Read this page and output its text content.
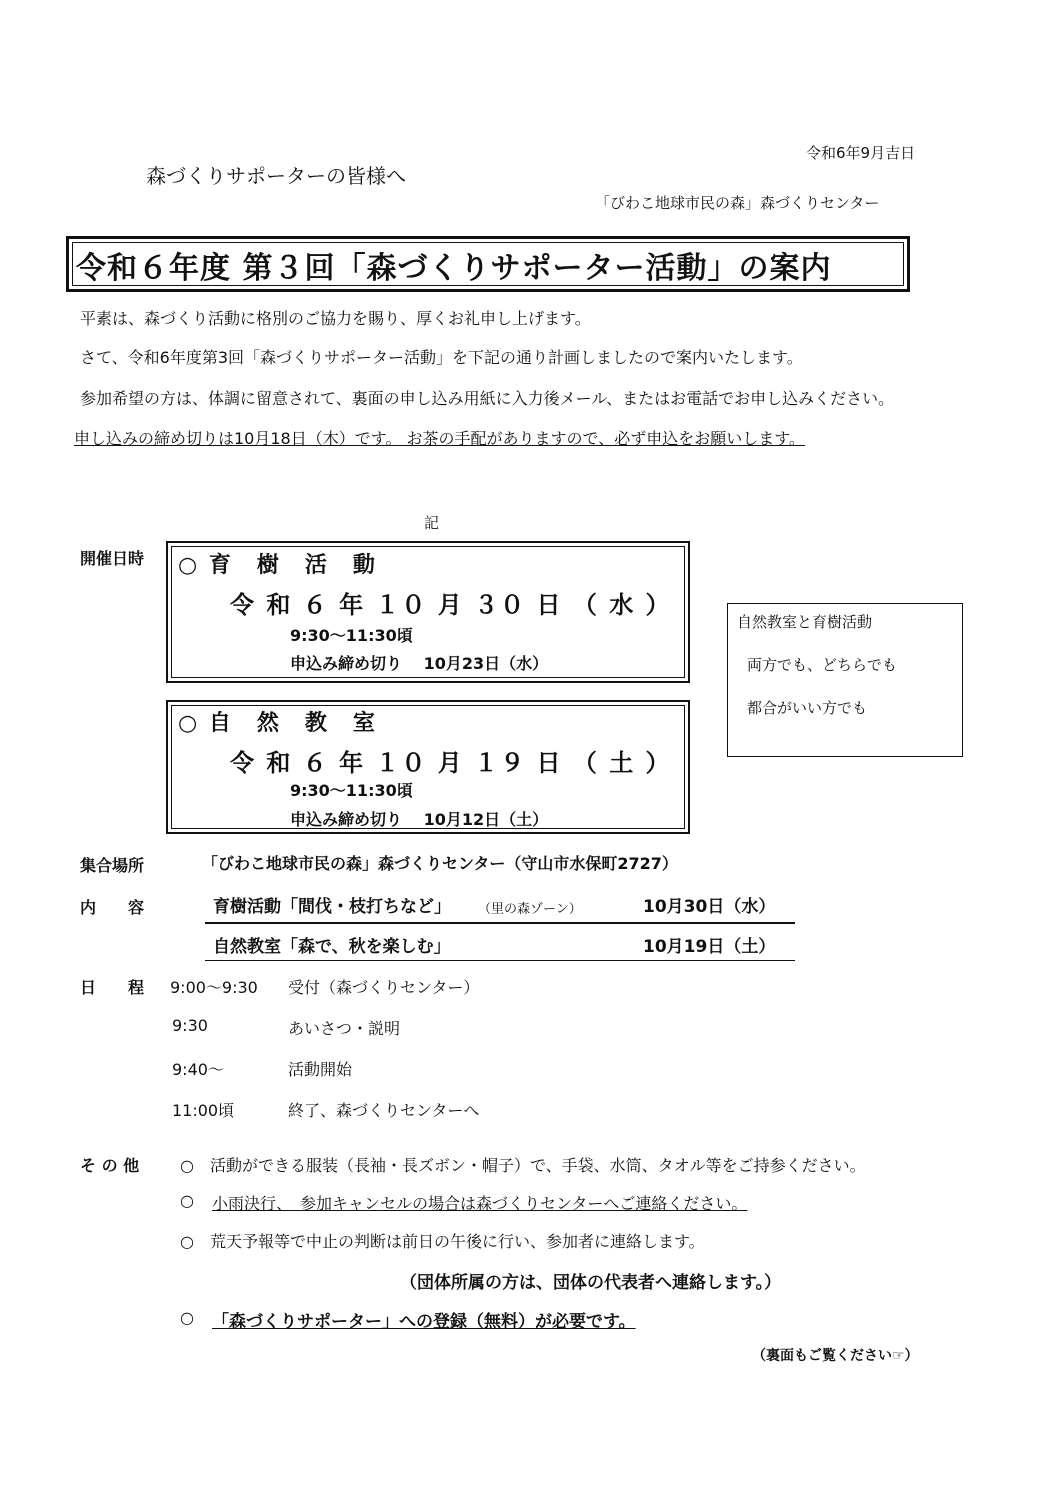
令和6年9月吉日
森づくりサポーターの皆様へ
「びわこ地球市民の森」森づくりセンター
令和６年度 第３回「森づくりサポーター活動」の案内
平素は、森づくり活動に格別のご協力を賜り、厚くお礼申し上げます。
さて、令和6年度第3回「森づくりサポーター活動」を下記の通り計画しましたので案内いたします。
参加希望の方は、体調に留意されて、裏面の申し込み用紙に入力後メール、またはお電話でお申し込みください。
申し込みの締め切りは10月18日（木）です。 お茶の手配がありますので、必ず申込をお願いします。
記
開催日時 ○ 育　樹　活　動
令 和 ６ 年 １０ 月 ３０ 日 （ 水 ）
9:30～11:30頃
申込み締め切り　 10月23日（水）
○ 自　然　教　室
令 和 ６ 年 １０ 月 １９ 日 （ 土 ）
9:30～11:30頃
申込み締め切り　 10月12日（土）
自然教室と育樹活動
両方でも、どちらでも
都合がいい方でも
集合場所	「びわこ地球市民の森」森づくりセンター（守山市水保町2727）
内　　容	育樹活動「間伐・枝打ちなど」 （里の森ゾーン）	10月30日（水）
自然教室「森で、秋を楽しむ」	10月19日（土）
日　　程 9:00～9:30 受付（森づくりセンター）
9:30	あいさつ・説明
9:40～	活動開始
11:00頃	終了、森づくりセンターへ
そ の 他	○　活動ができる服装（長袖・長ズボン・帽子）で、手袋、水筒、タオル等をご持参ください。
○ 小雨決行、　参加キャンセルの場合は森づくりセンターへご連絡ください。
○　荒天予報等で中止の判断は前日の午後に行い、参加者に連絡します。
（団体所属の方は、団体の代表者へ連絡します。）
○ 「森づくりサポーター」への登録（無料）が必要です。
（裏面もご覧ください☞）
